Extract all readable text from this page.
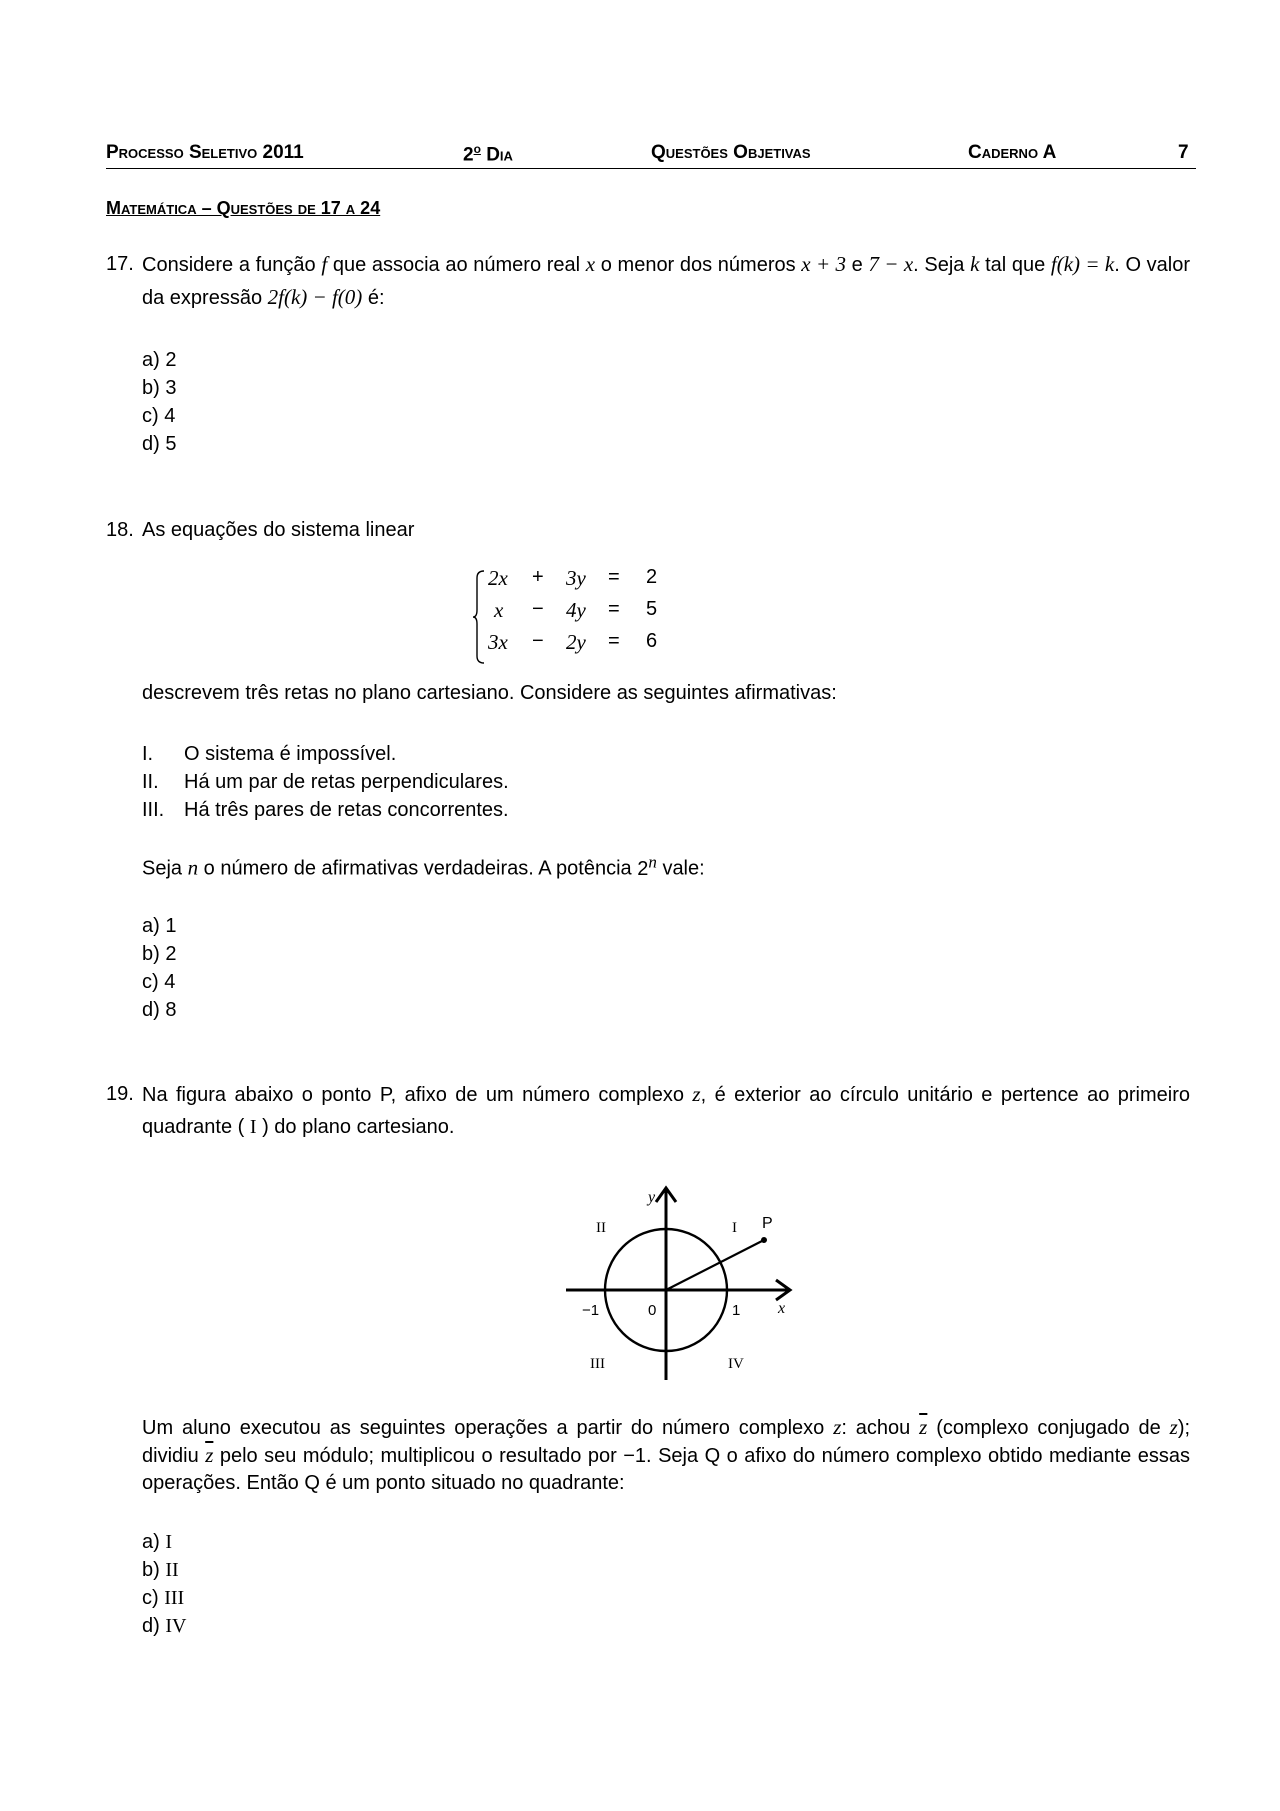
Processo Seletivo 2011	2$^o$ Dia	Questões Objetivas	Caderno A	7
Matemática – Questões de 17 a 24
17. Considere a função f que associa ao número real x o menor dos números x + 3 e 7 − x. Seja k tal que f(k) = k. O valor da expressão 2f(k) − f(0) é:
a) 2
b) 3
c) 4
d) 5
18. As equações do sistema linear
2x + 3y = 2
x − 4y = 5
3x − 2y = 6
descrevem três retas no plano cartesiano. Considere as seguintes afirmativas:
I. O sistema é impossível.
II. Há um par de retas perpendiculares.
III. Há três pares de retas concorrentes.
Seja n o número de afirmativas verdadeiras. A potência 2$^n$ vale:
a) 1
b) 2
c) 4
d) 8
19. Na figura abaixo o ponto P, afixo de um número complexo z, é exterior ao círculo unitário e pertence ao primeiro quadrante ( I ) do plano cartesiano.
y
x
P
II	I
III	IV
−1	0	1
Um aluno executou as seguintes operações a partir do número complexo z: achou $\overline{z}$ (complexo conjugado de z); dividiu $\overline{z}$ pelo seu módulo; multiplicou o resultado por −1. Seja Q o afixo do número complexo obtido mediante essas operações. Então Q é um ponto situado no quadrante:
a) I
b) II
c) III
d) IV
